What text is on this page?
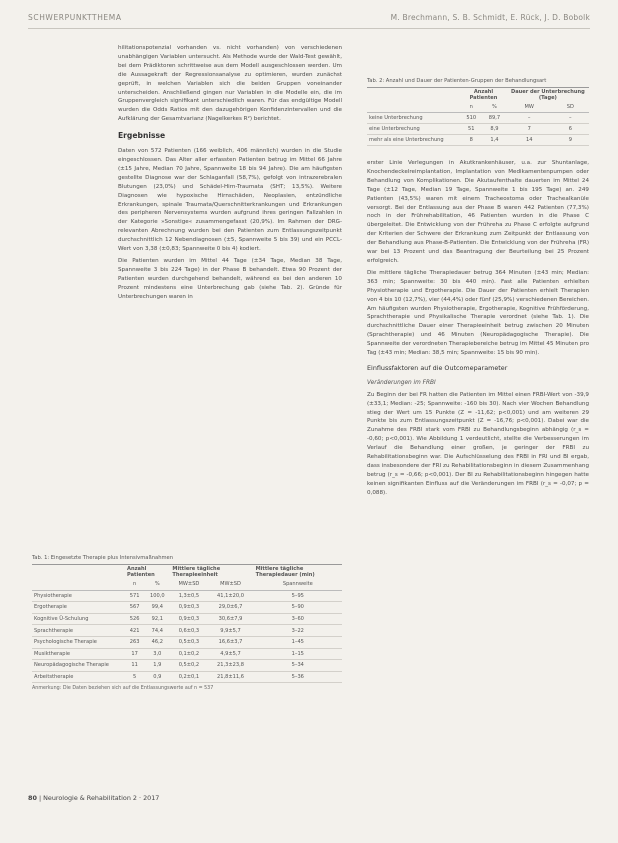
SCHWERPUNKTTHEMA	M. Brechmann, S. B. Schmidt, E. Rück, J. D. Bobolk

hilitationspotenzial vorhanden vs. nicht vorhanden) von verschiedenen unabhängigen Variablen untersucht. Als Methode wurde der Wald-Test gewählt, bei dem Prädiktoren schrittweise aus dem Modell ausgeschlossen werden. Um die Aussagekraft der Regressionsanalyse zu optimieren, wurden zunächst geprüft, in welchen Variablen sich die beiden Gruppen voneinander unterscheiden. Anschließend gingen nur Variablen in die Modelle ein, die im Gruppenvergleich signifikant unterschiedlich waren. Für das endgültige Modell wurden die Odds Ratios mit den dazugehörigen Konfidenzintervallen und die Aufklärung der Gesamtvarianz (Nagelkerkes R²) berichtet.

Ergebnisse

Daten von 572 Patienten (166 weiblich, 406 männlich) wurden in die Studie eingeschlossen. Das Alter aller erfassten Patienten betrug im Mittel 66 Jahre (±15 Jahre, Median 70 Jahre, Spannweite 18 bis 94 Jahre). Die am häufigsten gestellte Diagnose war der Schlaganfall (58,7%), gefolgt von intrazerebralen Blutungen (23,0%) und Schädel-Hirn-Traumata (SHT; 13,5%). Weitere Diagnosen wie hypoxische Hirnschäden, Neoplasien, entzündliche Erkrankungen, spinale Traumata/Querschnitterkrankungen und Erkrankungen des peripheren Nervensystems wurden aufgrund ihres geringen Fallzahlen in der Kategorie »Sonstige« zusammengefasst (20,9%). Im Rahmen der DRG-relevanten Abrechnung wurden bei den Patienten zum Entlassungszeitpunkt durchschnittlich 12 Nebendiagnosen (±5, Spannweite 5 bis 39) und ein PCCL-Wert von 3,38 (±0,83; Spannweite 0 bis 4) kodiert.

Die Patienten wurden im Mittel 44 Tage (±34 Tage, Median 38 Tage, Spannweite 3 bis 224 Tage) in der Phase B behandelt. Etwa 90 Prozent der Patienten wurden durchgehend behandelt, während es bei den anderen 10 Prozent mindestens eine Unterbrechung gab (siehe Tab. 2). Gründe für Unterbrechungen waren in

Tab. 2: Anzahl und Dauer der Patienten-Gruppen der Behandlungsart
	Anzahl Patienten		Dauer der Unterbrechung (Tage)	
	n	%	MW	SD
keine Unterbrechung	510	89,7	–	–
eine Unterbrechung	51	8,9	7	6
mehr als eine Unterbrechung	8	1,4	14	9

erster Linie Verlegungen in Akutkrankenhäuser, u.a. zur Shuntanlage, Knochendeckelreimplantation, Implantation von Medikamentenpumpen oder Behandlung von Komplikationen. Die Akutaufenthalte dauerten im Mittel 24 Tage (±12 Tage, Median 19 Tage, Spannweite 1 bis 195 Tage) an. 249 Patienten (43,5%) waren mit einem Tracheostoma oder Trachealkanüle versorgt. Bei der Entlassung aus der Phase B waren 442 Patienten (77,3%) noch in der Frührehabilitation, 46 Patienten wurden in die Phase C übergeleitet. Die Entwicklung von der Frühreha zu Phase C erfolgte aufgrund der Kriterien der Schwere der Erkrankung zum Zeitpunkt der Entlassung von der Behandlung aus Phase-B-Patienten. Die Entwicklung von der Frühreha (FR) war bei 13 Prozent und das Beantragung der Beurteilung bei 25 Prozent erfolgreich.

Die mittlere tägliche Therapiedauer betrug 364 Minuten (±43 min; Median: 363 min; Spannweite: 30 bis 440 min). Fast alle Patienten erhielten Physiotherapie und Ergotherapie. Die Dauer der Patienten erhielt Therapien von 4 bis 10 (12,7%), vier (44,4%) oder fünf (25,9%) verschiedenen Bereichen. Am häufigsten wurden Physiotherapie, Ergotherapie, Kognitive Frühförderung, Sprachtherapie und Physikalische Therapie verordnet (siehe Tab. 1). Die durchschnittliche Dauer einer Therapieeinheit betrug zwischen 20 Minuten (Sprachtherapie) und 46 Minuten (Neuropädagogische Therapie). Die Spannweite der verordneten Therapiebereiche betrug im Mittel 45 Minuten pro Tag (±43 min; Median: 38,5 min; Spannweite: 15 bis 90 min).

Einflussfaktoren auf die Outcomeparameter
Veränderungen im FRBI

Zu Beginn der bei FR hatten die Patienten im Mittel einen FRBI-Wert von -39,9 (±33,1; Median: -25; Spannweite: -160 bis 30). Nach vier Wochen Behandlung stieg der Wert um 15 Punkte (Z = -11,62; p<0,001) und am weiteren 29 Punkte bis zum Entlassungszeitpunkt (Z = -16,76; p<0,001). Dabei war die Zunahme des FRBI stark vom FRBI zu Behandlungsbeginn abhängig (r_s = -0,60; p<0,001). Wie Abbildung 1 verdeutlicht, stellte die Verbesserungen im Verlauf die Behandlung einer großen, je geringer der FRBI zu Rehabilitationsbeginn war. Die Aufschlüsselung des FRBI in FRI und BI ergab, dass insbesondere der FRI zu Rehabilitationsbeginn in diesem Zusammenhang betrug (r_s = -0,66; p<0,001). Der BI zu Rehabilitationsbeginn hingegen hatte keinen signifikanten Einfluss auf die Veränderungen im FRBI (r_s = -0,07; p = 0,088).

Tab. 1: Eingesetzte Therapie plus Intensivmaßnahmen
	Anzahl Patienten		Mittlere tägliche Therapieeinheit		Mittlere tägliche Therapiedauer (min)
	n	%	MW±SD	MW±SD	Spannweite
Physiotherapie	571	100,0	1,3±0,5	41,1±20,0	5–95
Ergotherapie	567	99,4	0,9±0,3	29,0±6,7	5–90
Kognitive Ü-Schulung	526	92,1	0,9±0,3	30,6±7,9	3–60
Sprachtherapie	421	74,4	0,6±0,3	9,9±5,7	3–22
Psychologische Therapie	263	46,2	0,5±0,3	16,6±3,7	1–45
Musiktherapie	17	3,0	0,1±0,2	4,9±5,7	1–15
Neuropädagogische Therapie	11	1,9	0,5±0,2	21,3±23,8	5–34
Arbeitstherapie	5	0,9	0,2±0,1	21,8±11,6	5–36
Anmerkung: Die Daten beziehen sich auf die Entlassungswerte auf n = 537
80 | Neurologie & Rehabilitation 2 · 2017
